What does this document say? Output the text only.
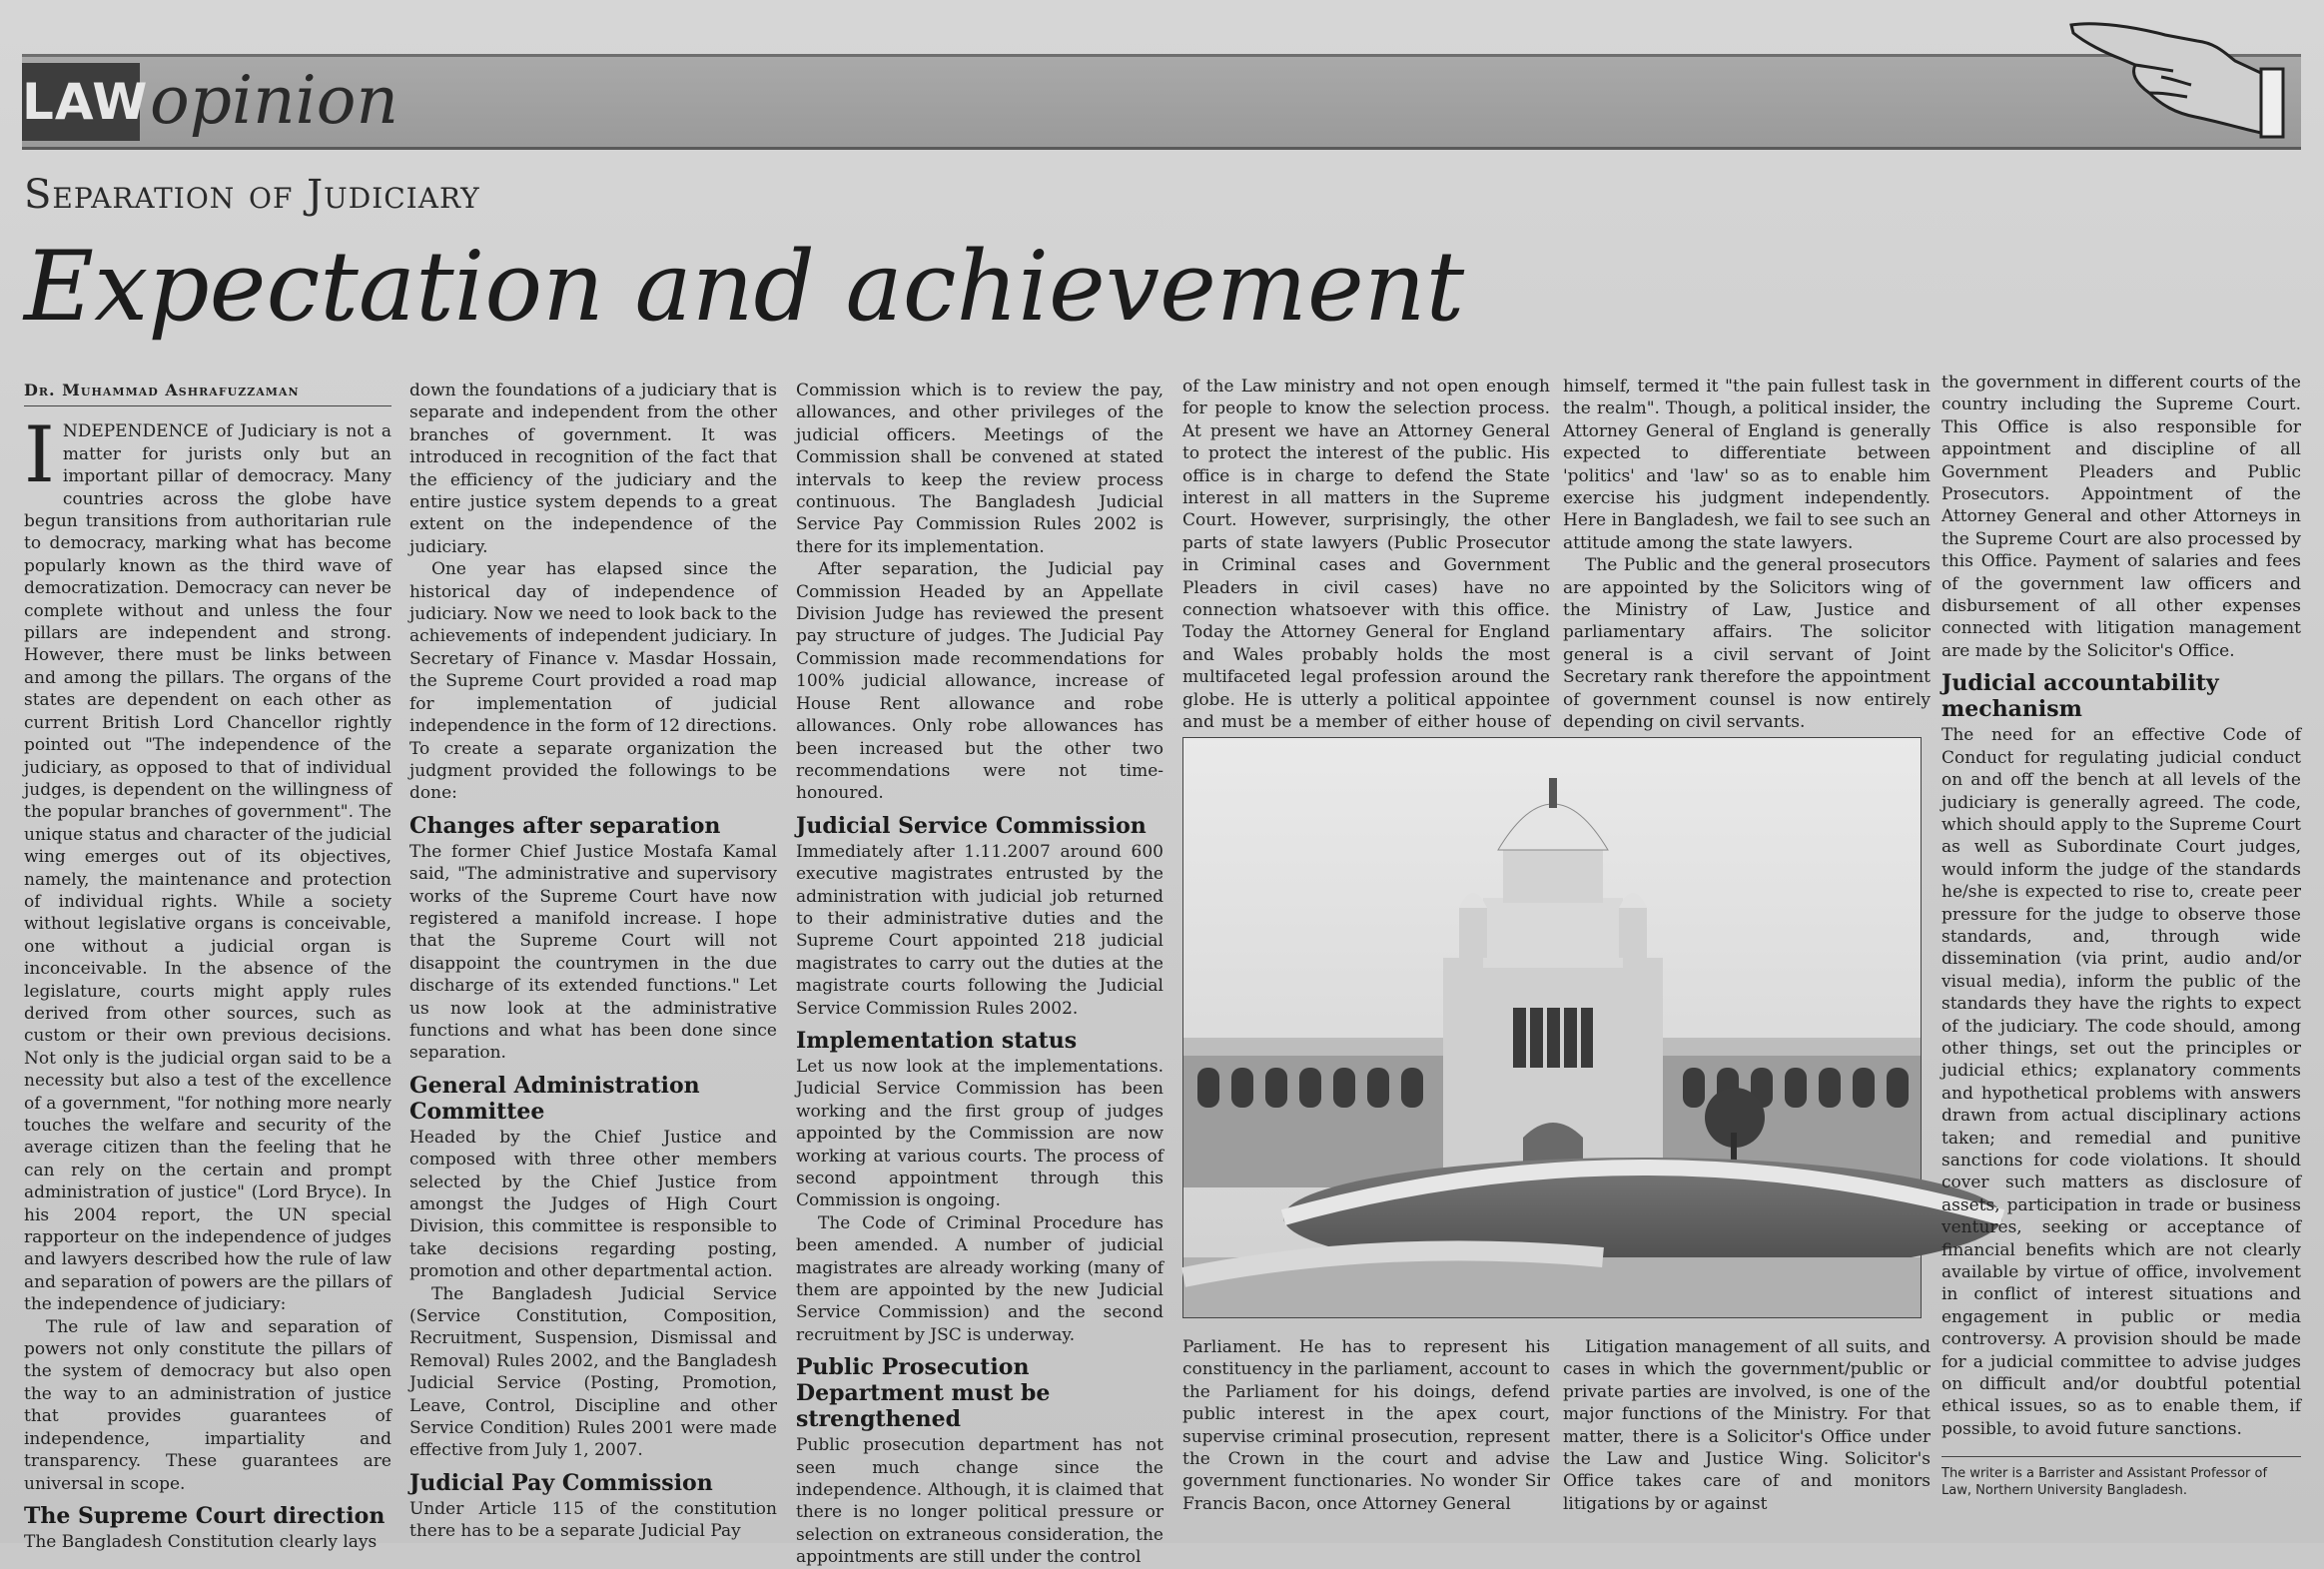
LAW opinion
Separation of Judiciary
Expectation and achievement
Dr. Muhammad Ashrafuzzaman

INDEPENDENCE of Judiciary is not a matter for jurists only but an important pillar of democracy. Many countries across the globe have begun transitions from authoritarian rule to democracy, marking what has become popularly known as the third wave of democratization. Democracy can never be complete without and unless the four pillars are independent and strong. However, there must be links between and among the pillars. The organs of the states are dependent on each other as current British Lord Chancellor rightly pointed out "The independence of the judiciary, as opposed to that of individual judges, is dependent on the willingness of the popular branches of government". The unique status and character of the judicial wing emerges out of its objectives, namely, the maintenance and protection of individual rights. While a society without legislative organs is conceivable, one without a judicial organ is inconceivable. In the absence of the legislature, courts might apply rules derived from other sources, such as custom or their own previous decisions. Not only is the judicial organ said to be a necessity but also a test of the excellence of a government, "for nothing more nearly touches the welfare and security of the average citizen than the feeling that he can rely on the certain and prompt administration of justice" (Lord Bryce). In his 2004 report, the UN special rapporteur on the independence of judges and lawyers described how the rule of law and separation of powers are the pillars of the independence of judiciary:

The rule of law and separation of powers not only constitute the pillars of the system of democracy but also open the way to an administration of justice that provides guarantees of independence, impartiality and transparency. These guarantees are universal in scope.

The Supreme Court direction

The Bangladesh Constitution clearly lays

down the foundations of a judiciary that is separate and independent from the other branches of government. It was introduced in recognition of the fact that the efficiency of the judiciary and the entire justice system depends to a great extent on the independence of the judiciary.

One year has elapsed since the historical day of independence of judiciary. Now we need to look back to the achievements of independent judiciary. In Secretary of Finance v. Masdar Hossain, the Supreme Court provided a road map for implementation of judicial independence in the form of 12 directions. To create a separate organization the judgment provided the followings to be done:

Changes after separation

The former Chief Justice Mostafa Kamal said, "The administrative and supervisory works of the Supreme Court have now registered a manifold increase. I hope that the Supreme Court will not disappoint the countrymen in the due discharge of its extended functions." Let us now look at the administrative functions and what has been done since separation.

General Administration Committee

Headed by the Chief Justice and composed with three other members selected by the Chief Justice from amongst the Judges of High Court Division, this committee is responsible to take decisions regarding posting, promotion and other departmental action.

The Bangladesh Judicial Service (Service Constitution, Composition, Recruitment, Suspension, Dismissal and Removal) Rules 2002, and the Bangladesh Judicial Service (Posting, Promotion, Leave, Control, Discipline and other Service Condition) Rules 2001 were made effective from July 1, 2007.

Judicial Pay Commission

Under Article 115 of the constitution there has to be a separate Judicial Pay

Commission which is to review the pay, allowances, and other privileges of the judicial officers. Meetings of the Commission shall be convened at stated intervals to keep the review process continuous. The Bangladesh Judicial Service Pay Commission Rules 2002 is there for its implementation.

After separation, the Judicial pay Commission Headed by an Appellate Division Judge has reviewed the present pay structure of judges. The Judicial Pay Commission made recommendations for 100% judicial allowance, increase of House Rent allowance and robe allowances. Only robe allowances has been increased but the other two recommendations were not time-honoured.

Judicial Service Commission

Immediately after 1.11.2007 around 600 executive magistrates entrusted by the administration with judicial job returned to their administrative duties and the Supreme Court appointed 218 judicial magistrates to carry out the duties at the magistrate courts following the Judicial Service Commission Rules 2002.

Implementation status

Let us now look at the implementations. Judicial Service Commission has been working and the first group of judges appointed by the Commission are now working at various courts. The process of second appointment through this Commission is ongoing.

The Code of Criminal Procedure has been amended. A number of judicial magistrates are already working (many of them are appointed by the new Judicial Service Commission) and the second recruitment by JSC is underway.

Public Prosecution Department must be strengthened

Public prosecution department has not seen much change since the independence. Although, it is claimed that there is no longer political pressure or selection on extraneous consideration, the appointments are still under the control

of the Law ministry and not open enough for people to know the selection process. At present we have an Attorney General to protect the interest of the public. His office is in charge to defend the State interest in all matters in the Supreme Court. However, surprisingly, the other parts of state lawyers (Public Prosecutor in Criminal cases and Government Pleaders in civil cases) have no connection whatsoever with this office. Today the Attorney General for England and Wales probably holds the most multifaceted legal profession around the globe. He is utterly a political appointee and must be a member of either house of

himself, termed it "the pain fullest task in the realm". Though, a political insider, the Attorney General of England is generally expected to differentiate between 'politics' and 'law' so as to enable him exercise his judgment independently. Here in Bangladesh, we fail to see such an attitude among the state lawyers.

The Public and the general prosecutors are appointed by the Solicitors wing of the Ministry of Law, Justice and parliamentary affairs. The solicitor general is a civil servant of Joint Secretary rank therefore the appointment of government counsel is now entirely depending on civil servants.

Parliament. He has to represent his constituency in the parliament, account to the Parliament for his doings, defend public interest in the apex court, supervise criminal prosecution, represent the Crown in the court and advise government functionaries. No wonder Sir Francis Bacon, once Attorney General

Litigation management of all suits, and cases in which the government/public or private parties are involved, is one of the major functions of the Ministry. For that matter, there is a Solicitor's Office under the Law and Justice Wing. Solicitor's Office takes care of and monitors litigations by or against

the government in different courts of the country including the Supreme Court. This Office is also responsible for appointment and discipline of all Government Pleaders and Public Prosecutors. Appointment of the Attorney General and other Attorneys in the Supreme Court are also processed by this Office. Payment of salaries and fees of the government law officers and disbursement of all other expenses connected with litigation management are made by the Solicitor's Office.

Judicial accountability mechanism

The need for an effective Code of Conduct for regulating judicial conduct on and off the bench at all levels of the judiciary is generally agreed. The code, which should apply to the Supreme Court as well as Subordinate Court judges, would inform the judge of the standards he/she is expected to rise to, create peer pressure for the judge to observe those standards, and, through wide dissemination (via print, audio and/or visual media), inform the public of the standards they have the rights to expect of the judiciary. The code should, among other things, set out the principles or judicial ethics; explanatory comments and hypothetical problems with answers drawn from actual disciplinary actions taken; and remedial and punitive sanctions for code violations. It should cover such matters as disclosure of assets, participation in trade or business ventures, seeking or acceptance of financial benefits which are not clearly available by virtue of office, involvement in conflict of interest situations and engagement in public or media controversy. A provision should be made for a judicial committee to advise judges on difficult and/or doubtful potential ethical issues, so as to enable them, if possible, to avoid future sanctions.

The writer is a Barrister and Assistant Professor of Law, Northern University Bangladesh.
